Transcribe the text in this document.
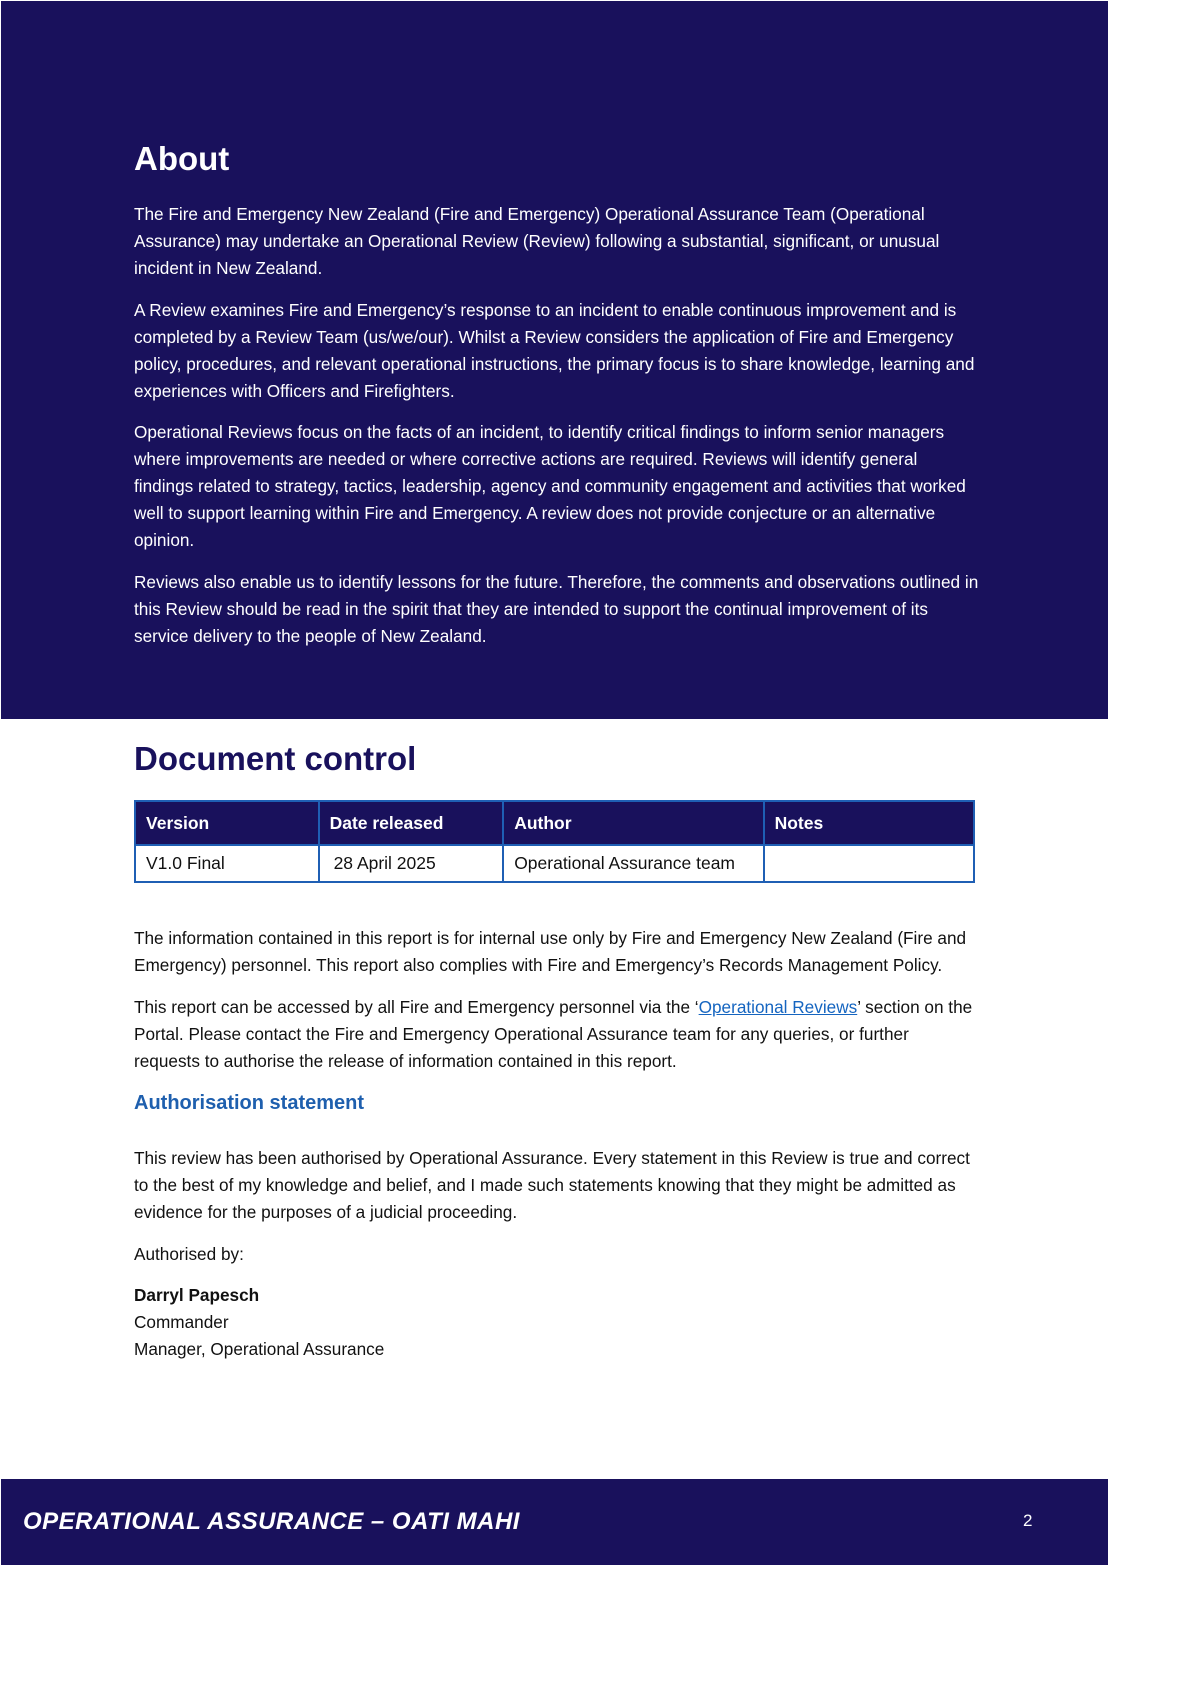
About

The Fire and Emergency New Zealand (Fire and Emergency) Operational Assurance Team (Operational Assurance) may undertake an Operational Review (Review) following a substantial, significant, or unusual incident in New Zealand.

A Review examines Fire and Emergency’s response to an incident to enable continuous improvement and is completed by a Review Team (us/we/our). Whilst a Review considers the application of Fire and Emergency policy, procedures, and relevant operational instructions, the primary focus is to share knowledge, learning and experiences with Officers and Firefighters.

Operational Reviews focus on the facts of an incident, to identify critical findings to inform senior managers where improvements are needed or where corrective actions are required. Reviews will identify general findings related to strategy, tactics, leadership, agency and community engagement and activities that worked well to support learning within Fire and Emergency. A review does not provide conjecture or an alternative opinion.

Reviews also enable us to identify lessons for the future. Therefore, the comments and observations outlined in this Review should be read in the spirit that they are intended to support the continual improvement of its service delivery to the people of New Zealand.

Document control
Version	Date released	Author	Notes
V1.0 Final	28 April 2025	Operational Assurance team	

The information contained in this report is for internal use only by Fire and Emergency New Zealand (Fire and Emergency) personnel. This report also complies with Fire and Emergency’s Records Management Policy.

This report can be accessed by all Fire and Emergency personnel via the ‘Operational Reviews’ section on the Portal. Please contact the Fire and Emergency Operational Assurance team for any queries, or further requests to authorise the release of information contained in this report.

Authorisation statement

This review has been authorised by Operational Assurance. Every statement in this Review is true and correct to the best of my knowledge and belief, and I made such statements knowing that they might be admitted as evidence for the purposes of a judicial proceeding.

Authorised by:

Darryl Papesch

Commander

Manager, Operational Assurance

OPERATIONAL ASSURANCE – OATI MAHI	2
